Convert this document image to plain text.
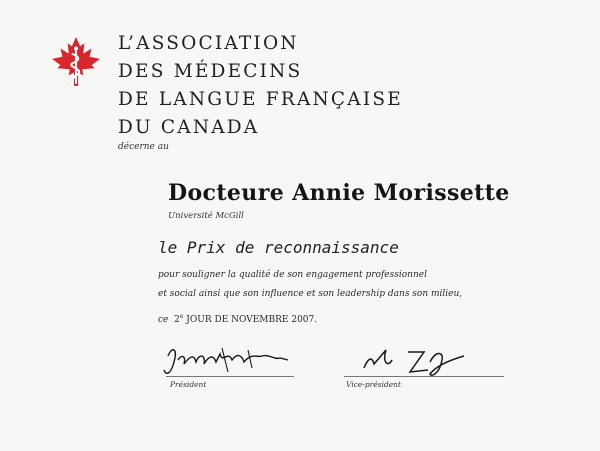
L’ASSOCIATION
DES MÉDECINS
DE LANGUE FRANÇAISE
DU CANADA
décerne au
Docteure Annie Morissette
Université McGill
le Prix de reconnaissance
pour souligner la qualité de son engagement professionnel
et social ainsi que son influence et son leadership dans son milieu,
ce 2e JOUR DE NOVEMBRE 2007.
Président	Vice-président
